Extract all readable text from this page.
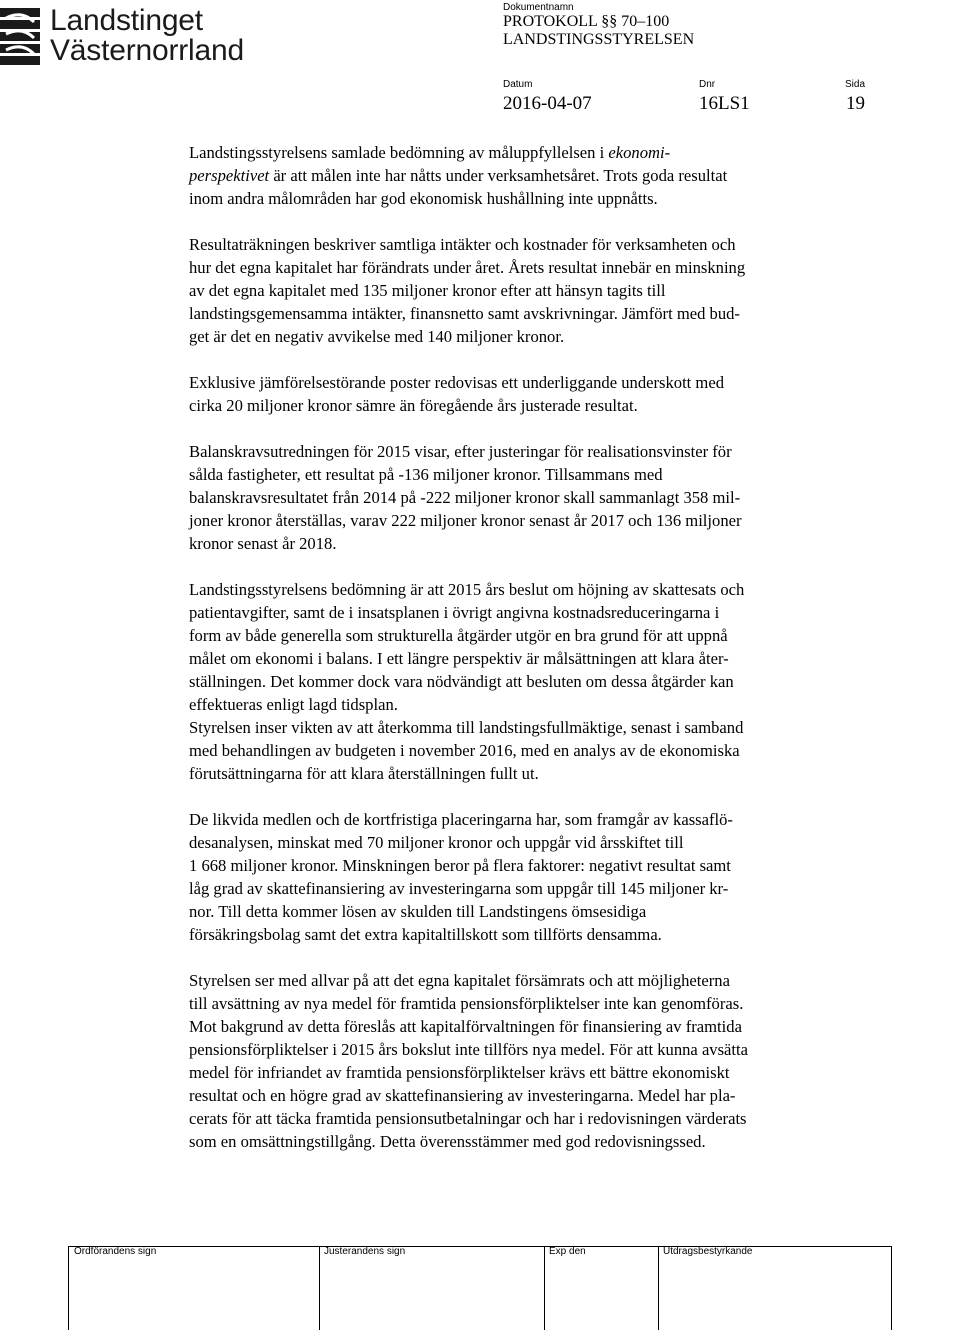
Landstinget
Västernorrland
Dokumentnamn
PROTOKOLL §§ 70–100
LANDSTINGSSTYRELSEN
Datum
2016-04-07
Dnr
16LS1
Sida
19

Landstingsstyrelsens samlade bedömning av måluppfyllelsen i ekonomi-
perspektivet är att målen inte har nåtts under verksamhetsåret. Trots goda resultat
inom andra målområden har god ekonomisk hushållning inte uppnåtts.

Resultaträkningen beskriver samtliga intäkter och kostnader för verksamheten och
hur det egna kapitalet har förändrats under året. Årets resultat innebär en minskning
av det egna kapitalet med 135 miljoner kronor efter att hänsyn tagits till
landstingsgemensamma intäkter, finansnetto samt avskrivningar. Jämfört med bud-
get är det en negativ avvikelse med 140 miljoner kronor.

Exklusive jämförelsestörande poster redovisas ett underliggande underskott med
cirka 20 miljoner kronor sämre än föregående års justerade resultat.

Balanskravsutredningen för 2015 visar, efter justeringar för realisationsvinster för
sålda fastigheter, ett resultat på -136 miljoner kronor. Tillsammans med
balanskravsresultatet från 2014 på -222 miljoner kronor skall sammanlagt 358 mil-
joner kronor återställas, varav 222 miljoner kronor senast år 2017 och 136 miljoner
kronor senast år 2018.

Landstingsstyrelsens bedömning är att 2015 års beslut om höjning av skattesats och
patientavgifter, samt de i insatsplanen i övrigt angivna kostnadsreduceringarna i
form av både generella som strukturella åtgärder utgör en bra grund för att uppnå
målet om ekonomi i balans. I ett längre perspektiv är målsättningen att klara åter-
ställningen. Det kommer dock vara nödvändigt att besluten om dessa åtgärder kan
effektueras enligt lagd tidsplan.

Styrelsen inser vikten av att återkomma till landstingsfullmäktige, senast i samband
med behandlingen av budgeten i november 2016, med en analys av de ekonomiska
förutsättningarna för att klara återställningen fullt ut.

De likvida medlen och de kortfristiga placeringarna har, som framgår av kassaflö-
desanalysen, minskat med 70 miljoner kronor och uppgår vid årsskiftet till
1 668 miljoner kronor. Minskningen beror på flera faktorer: negativt resultat samt
låg grad av skattefinansiering av investeringarna som uppgår till 145 miljoner kr-
nor. Till detta kommer lösen av skulden till Landstingens ömsesidiga
försäkringsbolag samt det extra kapitaltillskott som tillförts densamma.

Styrelsen ser med allvar på att det egna kapitalet försämrats och att möjligheterna
till avsättning av nya medel för framtida pensionsförpliktelser inte kan genomföras.
Mot bakgrund av detta föreslås att kapitalförvaltningen för finansiering av framtida
pensionsförpliktelser i 2015 års bokslut inte tillförs nya medel. För att kunna avsätta
medel för infriandet av framtida pensionsförpliktelser krävs ett bättre ekonomiskt
resultat och en högre grad av skattefinansiering av investeringarna. Medel har pla-
cerats för att täcka framtida pensionsutbetalningar och har i redovisningen värderats
som en omsättningstillgång. Detta överensstämmer med god redovisningssed.

Ordförandens sign	Justerandens sign	Exp den	Utdragsbestyrkande
